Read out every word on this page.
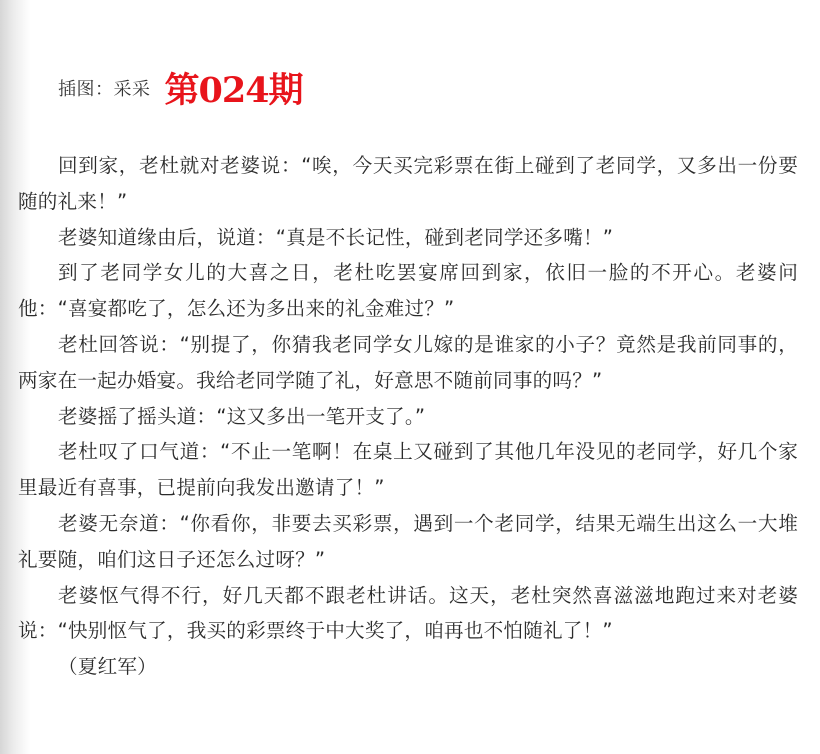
插图：采采 第024期

回到家，老杜就对老婆说：“唉，今天买完彩票在街上碰到了老同学，又多出一份要随的礼来！”

老婆知道缘由后，说道：“真是不长记性，碰到老同学还多嘴！”

到了老同学女儿的大喜之日，老杜吃罢宴席回到家，依旧一脸的不开心。老婆问他：“喜宴都吃了，怎么还为多出来的礼金难过？”

老杜回答说：“别提了，你猜我老同学女儿嫁的是谁家的小子？竟然是我前同事的，两家在一起办婚宴。我给老同学随了礼，好意思不随前同事的吗？”

老婆摇了摇头道：“这又多出一笔开支了。”

老杜叹了口气道：“不止一笔啊！在桌上又碰到了其他几年没见的老同学，好几个家里最近有喜事，已提前向我发出邀请了！”

老婆无奈道：“你看你，非要去买彩票，遇到一个老同学，结果无端生出这么一大堆礼要随，咱们这日子还怎么过呀？”

老婆怄气得不行，好几天都不跟老杜讲话。这天，老杜突然喜滋滋地跑过来对老婆说：“快别怄气了，我买的彩票终于中大奖了，咱再也不怕随礼了！”

（夏红军）
